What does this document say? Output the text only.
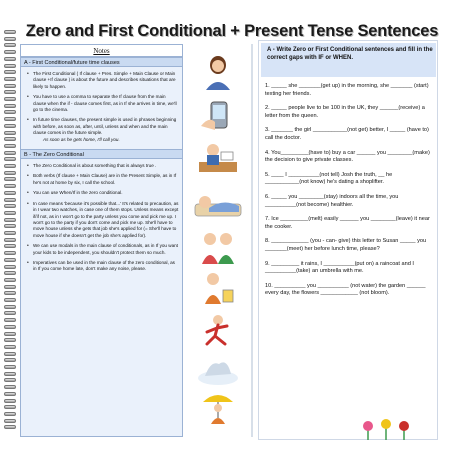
Zero and First Conditional + Present Tense Sentences
Notes
A - First Conditional/future time clauses
• The First Conditional ( If clause + Pres. Simple + Main Clause or Main clause +If clause ) is about the future and describes situations that are likely to happen.
• You have to use a comma to separate the If clause from the main clause when the if - clause comes first, as in If she arrives in time, we'll go to the cinema.
• In future time clauses, the present simple is used in phrases beginning with before, as soon as, after, until, unless and when and the main clause comes in the future simple.
As soon as he gets home, I'll call you.
B - The Zero Conditional
• The Zero Conditional is about something that is always true .
• Both verbs (If clause + Main Clause) are in the Present Simple, as in If he's not at home by six, I call the school.
• You can use When/If in the zero conditional.
• In case means 'because it's possible that...' It's related to precaution, as in I wear two watches, in case one of them stops. Unless means except if/if not, as in I won't go to the party unless you come and pick me up. I won't go to the party if you don't come and pick me up. She'll have to move house unless she gets that job she's applied for (= She'll have to move house if she doesn't get the job she's applied for).
• We can use modals in the main clause of conditionals, as in If you want your kids to be independent, you shouldn't protect them so much.
• Imperatives can be used in the main clause of the zero conditional, as in If you come home late, don't make any noise, please.
A - Write Zero or First Conditional sentences and fill in the correct gaps with IF or WHEN.
1. _____ she _______(get up) in the morning, she _______ (start) texting her friends.
2. _____ people live to be 100 in the UK, they ______(receive) a letter from the queen.
3. _______ the girl ___________(not get) better, I _____ (have to) call the doctor.
4. You_________(have to) buy a car ______ you ________(make) the decision to give private classes.
5. ____ I __________(not tell) Josh the truth, __ he ___________(not know) he's dating a shoplifter.
6. _____ you ________(stay) indoors all the time, you __________(not become) healthier.
7. Ice _________(melt) easily ______ you ________(leave) it near the cooker.
8. ____________ (you - can- give) this letter to Susan _____ you _______(meet) her before lunch time, please?
9. _________ it rains, I __________(put on) a raincoat and I __________(take) an umbrella with me.
10. __________ you __________ (not water) the garden ______ every day, the flowers ____________ (not bloom).
